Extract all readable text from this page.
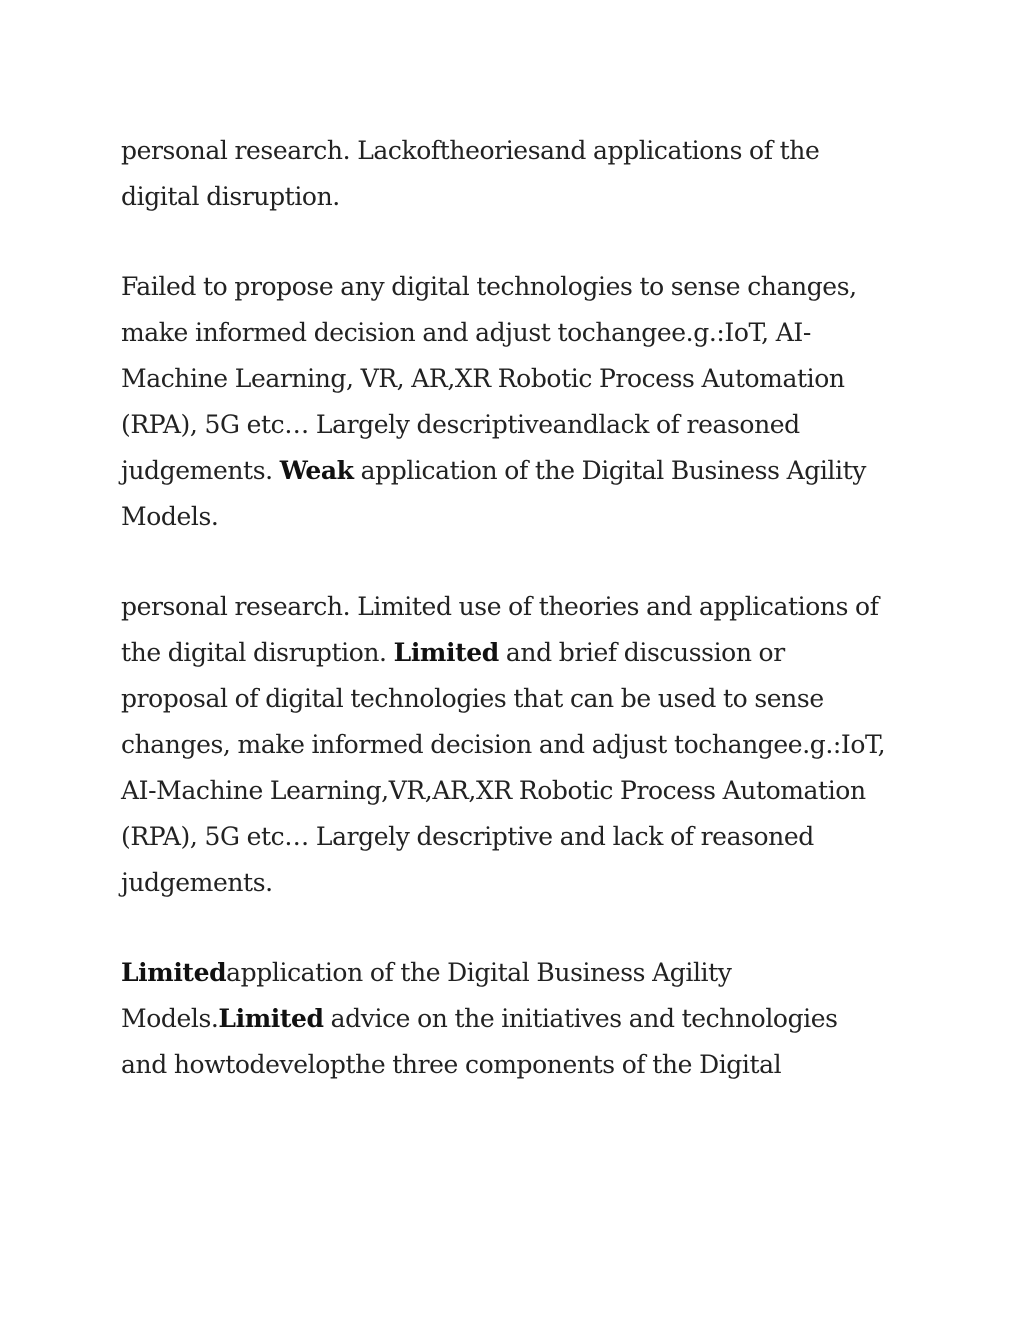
personal research. Lackoftheoriesand applications of the
digital disruption.

Failed to propose any digital technologies to sense changes,
make informed decision and adjust tochangee.g.:IoT, AI-
Machine Learning, VR, AR,XR Robotic Process Automation
(RPA), 5G etc… Largely descriptiveandlack of reasoned
judgements. Weak application of the Digital Business Agility
Models.

personal research. Limited use of theories and applications of
the digital disruption. Limited and brief discussion or
proposal of digital technologies that can be used to sense
changes, make informed decision and adjust tochangee.g.:IoT,
AI-Machine Learning,VR,AR,XR Robotic Process Automation
(RPA), 5G etc… Largely descriptive and lack of reasoned
judgements.

Limitedapplication of the Digital Business Agility
Models.Limited advice on the initiatives and technologies
and howtodevelopthe three components of the Digital
